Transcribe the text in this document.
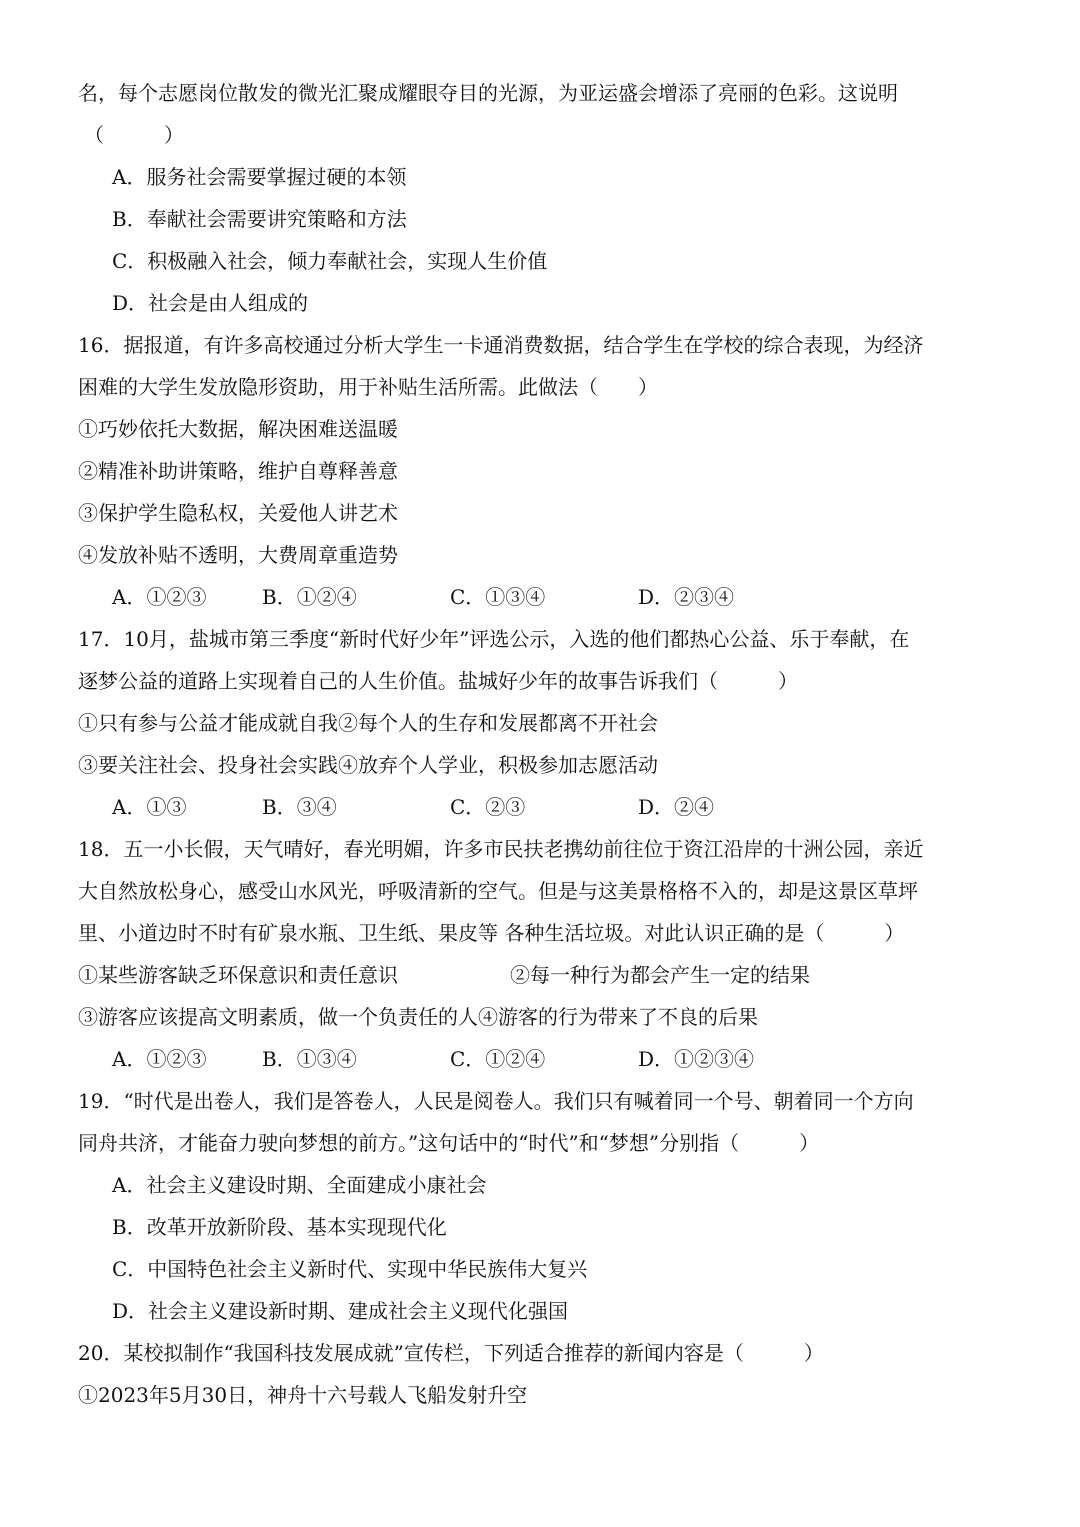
名，每个志愿岗位散发的微光汇聚成耀眼夺目的光源，为亚运盛会增添了亮丽的色彩。这说明
（　　　）
A．服务社会需要掌握过硬的本领
B．奉献社会需要讲究策略和方法
C．积极融入社会，倾力奉献社会，实现人生价值
D．社会是由人组成的
16．据报道，有许多高校通过分析大学生一卡通消费数据，结合学生在学校的综合表现，为经济
困难的大学生发放隐形资助，用于补贴生活所需。此做法（　　）
①巧妙依托大数据，解决困难送温暖
②精准补助讲策略，维护自尊释善意
③保护学生隐私权，关爱他人讲艺术
④发放补贴不透明，大费周章重造势
A．①②③	B．①②④	C．①③④	D．②③④
17．10月，盐城市第三季度“新时代好少年”评选公示，入选的他们都热心公益、乐于奉献，在
逐梦公益的道路上实现着自己的人生价值。盐城好少年的故事告诉我们（　　　）
①只有参与公益才能成就自我②每个人的生存和发展都离不开社会
③要关注社会、投身社会实践④放弃个人学业，积极参加志愿活动
A．①③	B．③④	C．②③	D．②④
18．五一小长假，天气晴好，春光明媚，许多市民扶老携幼前往位于资江沿岸的十洲公园，亲近
大自然放松身心，感受山水风光，呼吸清新的空气。但是与这美景格格不入的，却是这景区草坪
里、小道边时不时有矿泉水瓶、卫生纸、果皮等 各种生活垃圾。对此认识正确的是（　　　）
①某些游客缺乏环保意识和责任意识	②每一种行为都会产生一定的结果
③游客应该提高文明素质，做一个负责任的人④游客的行为带来了不良的后果
A．①②③	B．①③④	C．①②④	D．①②③④
19．“时代是出卷人，我们是答卷人，人民是阅卷人。我们只有喊着同一个号、朝着同一个方向
同舟共济，才能奋力驶向梦想的前方。”这句话中的“时代”和“梦想”分别指（　　　）
A．社会主义建设时期、全面建成小康社会
B．改革开放新阶段、基本实现现代化
C．中国特色社会主义新时代、实现中华民族伟大复兴
D．社会主义建设新时期、建成社会主义现代化强国
20．某校拟制作“我国科技发展成就”宣传栏，下列适合推荐的新闻内容是（　　　）
①2023年5月30日，神舟十六号载人飞船发射升空
